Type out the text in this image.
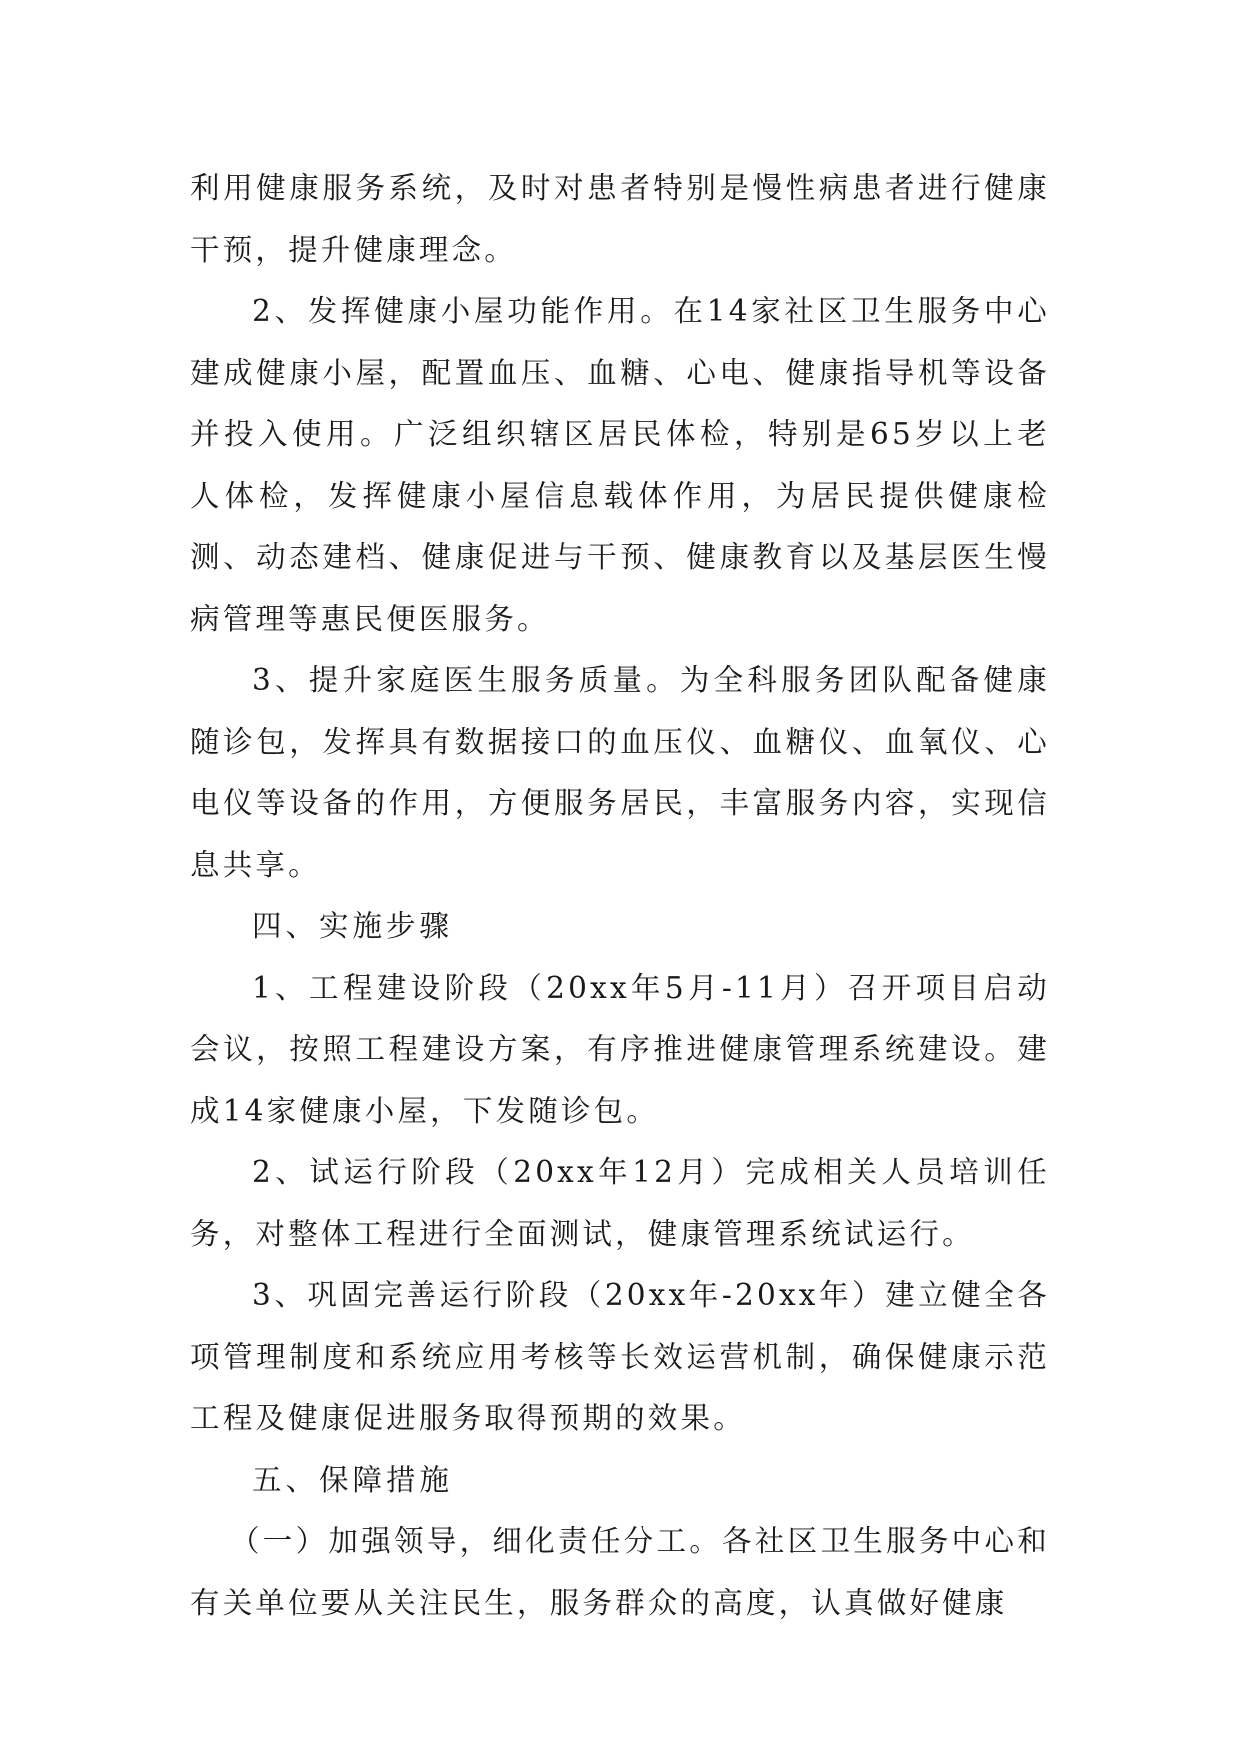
利用健康服务系统，及时对患者特别是慢性病患者进行健康干预，提升健康理念。

2、发挥健康小屋功能作用。在14家社区卫生服务中心建成健康小屋，配置血压、血糖、心电、健康指导机等设备并投入使用。广泛组织辖区居民体检，特别是65岁以上老人体检，发挥健康小屋信息载体作用，为居民提供健康检测、动态建档、健康促进与干预、健康教育以及基层医生慢病管理等惠民便医服务。

3、提升家庭医生服务质量。为全科服务团队配备健康随诊包，发挥具有数据接口的血压仪、血糖仪、血氧仪、心电仪等设备的作用，方便服务居民，丰富服务内容，实现信息共享。

四、实施步骤

1、工程建设阶段（20xx年5月-11月）召开项目启动会议，按照工程建设方案，有序推进健康管理系统建设。建成14家健康小屋，下发随诊包。

2、试运行阶段（20xx年12月）完成相关人员培训任务，对整体工程进行全面测试，健康管理系统试运行。

3、巩固完善运行阶段（20xx年-20xx年）建立健全各项管理制度和系统应用考核等长效运营机制，确保健康示范工程及健康促进服务取得预期的效果。

五、保障措施

（一）加强领导，细化责任分工。各社区卫生服务中心和有关单位要从关注民生，服务群众的高度，认真做好健康
